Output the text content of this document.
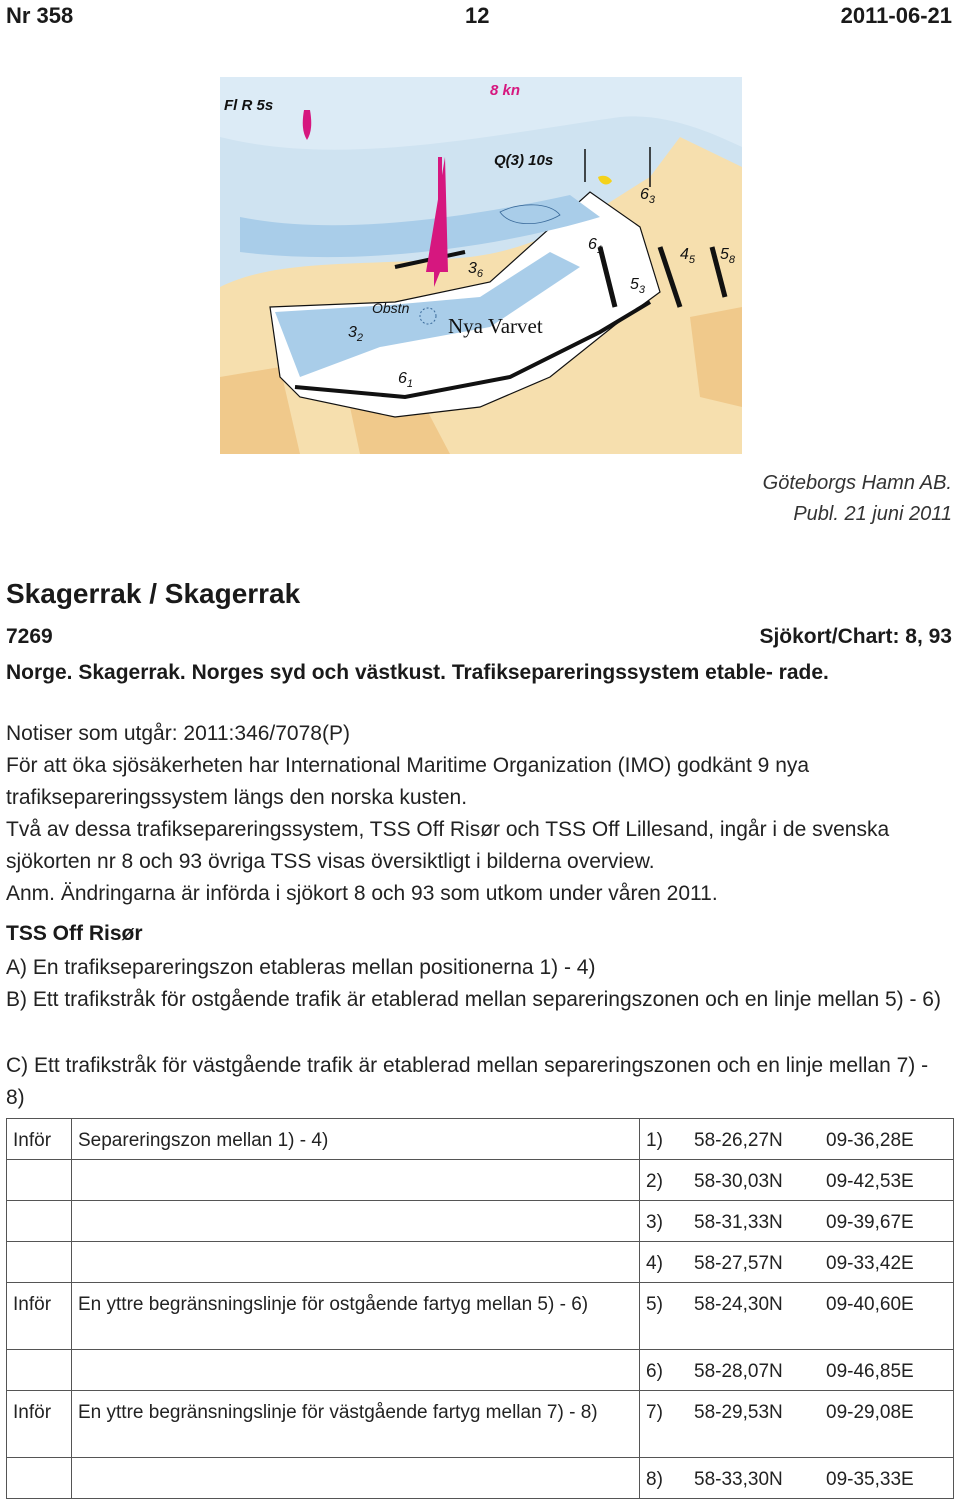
Nr 358	12	2011-06-21
Fl R 5s
8 kn
Q(3) 10s
Obstn
Nya Varvet
$3_6$
$3_2$
$6_1$
$6_1$
$6_3$
$5_3$
$4_5$ $5_8$
Göteborgs Hamn AB.
Publ. 21 juni 2011
Skagerrak / Skagerrak
7269	Sjökort/Chart: 8, 93
Norge. Skagerrak. Norges syd och västkust. Trafiksepareringssystem etable- rade.
Notiser som utgår: 2011:346/7078(P)
För att öka sjösäkerheten har International Maritime Organization (IMO) godkänt 9 nya trafiksepareringssystem längs den norska kusten.
Två av dessa trafiksepareringssystem, TSS Off Risør och TSS Off Lillesand, ingår i de svenska sjökorten nr 8 och 93 övriga TSS visas översiktligt i bilderna overview.
Anm. Ändringarna är införda i sjökort 8 och 93 som utkom under våren 2011.
TSS Off Risør
A) En trafiksepareringszon etableras mellan positionerna 1) - 4)
B) Ett trafikstråk för ostgående trafik är etablerad mellan separeringszonen och en linje mellan 5) - 6)
C) Ett trafikstråk för västgående trafik är etablerad mellan separeringszonen och en linje mellan 7) - 8)
Inför	Separeringszon mellan 1) - 4)	1)	58-26,27N	09-36,28E
		2)	58-30,03N	09-42,53E
		3)	58-31,33N	09-39,67E
		4)	58-27,57N	09-33,42E
Inför	En yttre begränsningslinje för ostgående fartyg mellan 5) - 6)	5)	58-24,30N	09-40,60E
		6)	58-28,07N	09-46,85E
Inför	En yttre begränsningslinje för västgående fartyg mellan 7) - 8)	7)	58-29,53N	09-29,08E
		8)	58-33,30N	09-35,33E
